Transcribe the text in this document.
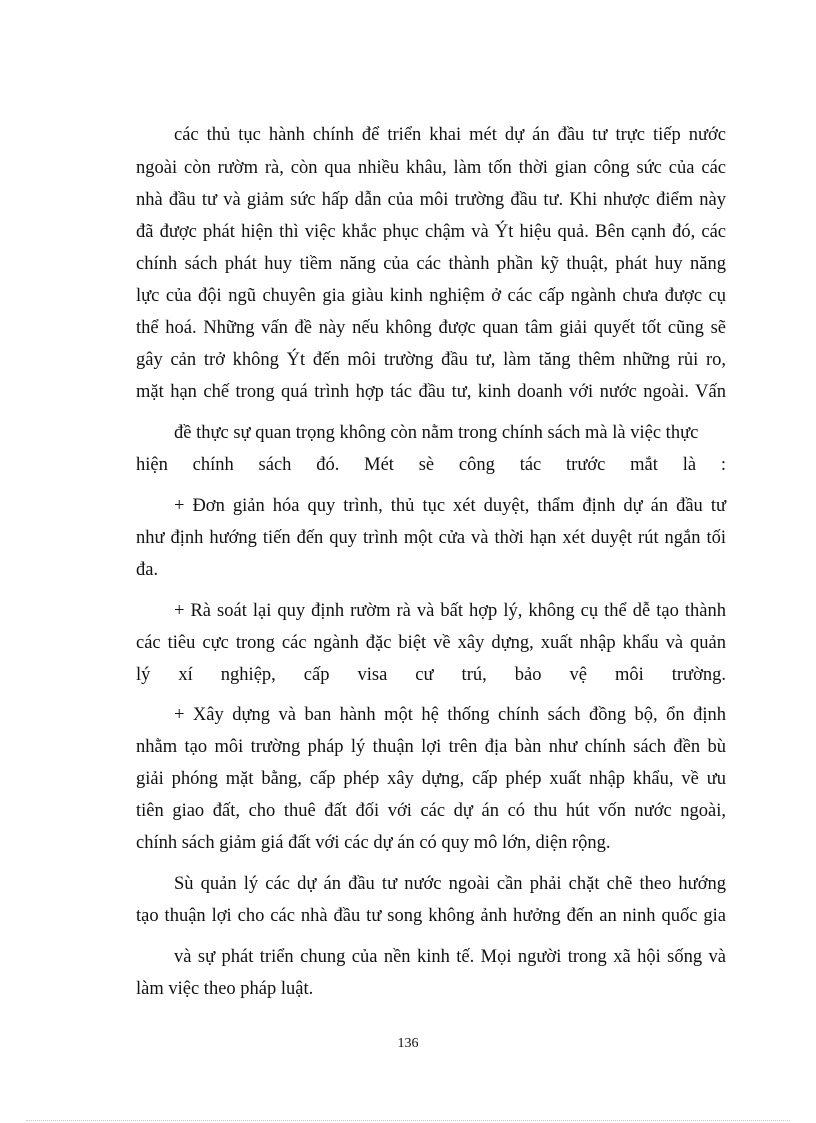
các thủ tục hành chính để triển khai mét dự án đầu tư trực tiếp nước
ngoài còn rườm rà, còn qua nhiều khâu, làm tốn thời gian công sức của các
nhà đầu tư và giảm sức hấp dẫn của môi trường đầu tư. Khi nhược điểm này
đã được phát hiện thì việc khắc phục chậm và Ýt hiệu quả. Bên cạnh đó, các
chính sách phát huy tiềm năng của các thành phần kỹ thuật, phát huy năng
lực của đội ngũ chuyên gia giàu kinh nghiệm ở các cấp ngành chưa được cụ
thể hoá. Những vấn đề này nếu không được quan tâm giải quyết tốt cũng sẽ
gây cản trở không Ýt đến môi trường đầu tư, làm tăng thêm những rủi ro,
mặt hạn chế trong quá trình hợp tác đầu tư, kinh doanh với nước ngoài. Vấn
đề thực sự quan trọng không còn nằm trong chính sách mà là việc thực
hiện chính sách đó. Mét sè công tác trước mắt là :
+ Đơn giản hóa quy trình, thủ tục xét duyệt, thẩm định dự án đầu tư
như định hướng tiến đến quy trình một cửa và thời hạn xét duyệt rút ngắn tối
đa.
+ Rà soát lại quy định rườm rà và bất hợp lý, không cụ thể dễ tạo thành
các tiêu cực trong các ngành đặc biệt về xây dựng, xuất nhập khẩu và quản
lý xí nghiệp, cấp visa cư trú, bảo vệ môi trường.
+ Xây dựng và ban hành một hệ thống chính sách đồng bộ, ổn định
nhằm tạo môi trường pháp lý thuận lợi trên địa bàn như chính sách đền bù
giải phóng mặt bằng, cấp phép xây dựng, cấp phép xuất nhập khẩu, về ưu
tiên giao đất, cho thuê đất đối với các dự án có thu hút vốn nước ngoài,
chính sách giảm giá đất với các dự án có quy mô lớn, diện rộng.
Sù quản lý các dự án đầu tư nước ngoài cần phải chặt chẽ theo hướng
tạo thuận lợi cho các nhà đầu tư song không ảnh hưởng đến an ninh quốc gia
và sự phát triển chung của nền kinh tế. Mọi người trong xã hội sống và
làm việc theo pháp luật.
136
